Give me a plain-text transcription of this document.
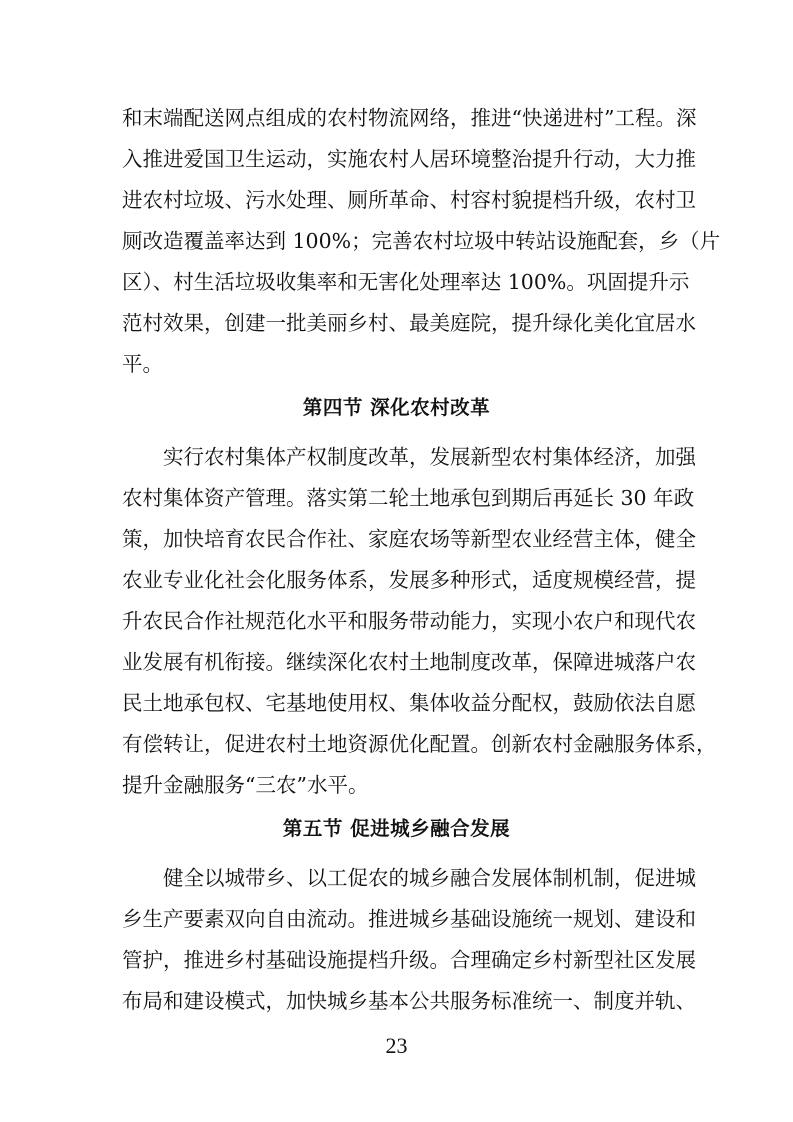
和末端配送网点组成的农村物流网络，推进“快递进村”工程。深
入推进爱国卫生运动，实施农村人居环境整治提升行动，大力推
进农村垃圾、污水处理、厕所革命、村容村貌提档升级，农村卫
厕改造覆盖率达到 100%；完善农村垃圾中转站设施配套，乡（片
区）、村生活垃圾收集率和无害化处理率达 100%。巩固提升示
范村效果，创建一批美丽乡村、最美庭院，提升绿化美化宜居水
平。
第四节 深化农村改革
实行农村集体产权制度改革，发展新型农村集体经济，加强
农村集体资产管理。落实第二轮土地承包到期后再延长 30 年政
策，加快培育农民合作社、家庭农场等新型农业经营主体，健全
农业专业化社会化服务体系，发展多种形式，适度规模经营，提
升农民合作社规范化水平和服务带动能力，实现小农户和现代农
业发展有机衔接。继续深化农村土地制度改革，保障进城落户农
民土地承包权、宅基地使用权、集体收益分配权，鼓励依法自愿
有偿转让，促进农村土地资源优化配置。创新农村金融服务体系，
提升金融服务“三农”水平。
第五节 促进城乡融合发展
健全以城带乡、以工促农的城乡融合发展体制机制，促进城
乡生产要素双向自由流动。推进城乡基础设施统一规划、建设和
管护，推进乡村基础设施提档升级。合理确定乡村新型社区发展
布局和建设模式，加快城乡基本公共服务标准统一、制度并轨、
23
